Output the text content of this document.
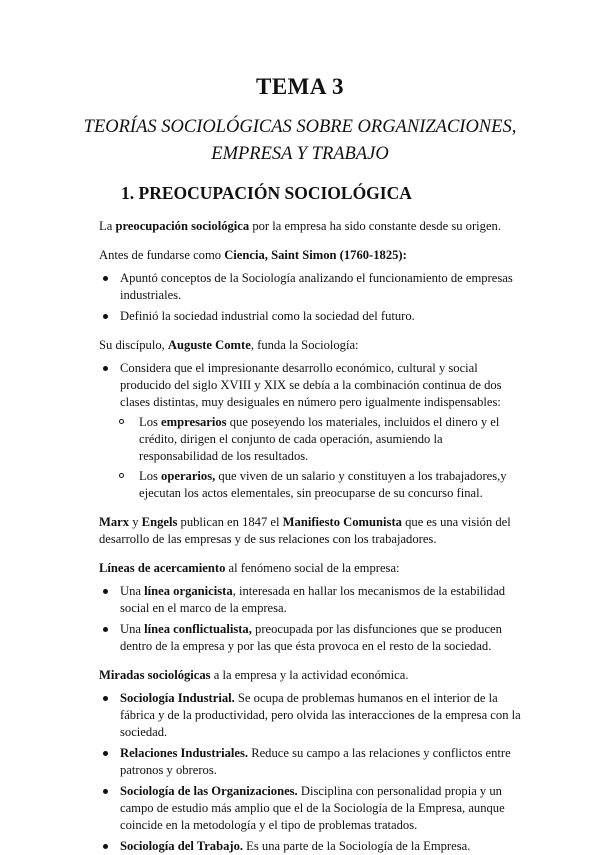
TEMA 3
TEORÍAS SOCIOLÓGICAS SOBRE ORGANIZACIONES,
EMPRESA Y TRABAJO
1. PREOCUPACIÓN SOCIOLÓGICA

La preocupación sociológica por la empresa ha sido constante desde su origen.

Antes de fundarse como Ciencia, Saint Simon (1760-1825):

Apuntó conceptos de la Sociología analizando el funcionamiento de empresas industriales.
Definió la sociedad industrial como la sociedad del futuro.

Su discípulo, Auguste Comte, funda la Sociología:

Considera que el impresionante desarrollo económico, cultural y social producido del siglo XVIII y XIX se debía a la combinación continua de dos clases distintas, muy desiguales en número pero igualmente indispensables:
Los empresarios que poseyendo los materiales, incluidos el dinero y el crédito, dirigen el conjunto de cada operación, asumiendo la responsabilidad de los resultados.
Los operarios, que viven de un salario y constituyen a los trabajadores,y ejecutan los actos elementales, sin preocuparse de su concurso final.

Marx y Engels publican en 1847 el Manifiesto Comunista que es una visión del desarrollo de las empresas y de sus relaciones con los trabajadores.

Líneas de acercamiento al fenómeno social de la empresa:

Una línea organicista, interesada en hallar los mecanismos de la estabilidad social en el marco de la empresa.
Una línea conflictualista, preocupada por las disfunciones que se producen dentro de la empresa y por las que ésta provoca en el resto de la sociedad.

Miradas sociológicas a la empresa y la actividad económica.

Sociología Industrial. Se ocupa de problemas humanos en el interior de la fábrica y de la productividad, pero olvida las interacciones de la empresa con la sociedad.
Relaciones Industriales. Reduce su campo a las relaciones y conflictos entre patronos y obreros.
Sociología de las Organizaciones. Disciplina con personalidad propia y un campo de estudio más amplio que el de la Sociología de la Empresa, aunque coincide en la metodología y el tipo de problemas tratados.
Sociología del Trabajo. Es una parte de la Sociología de la Empresa.
